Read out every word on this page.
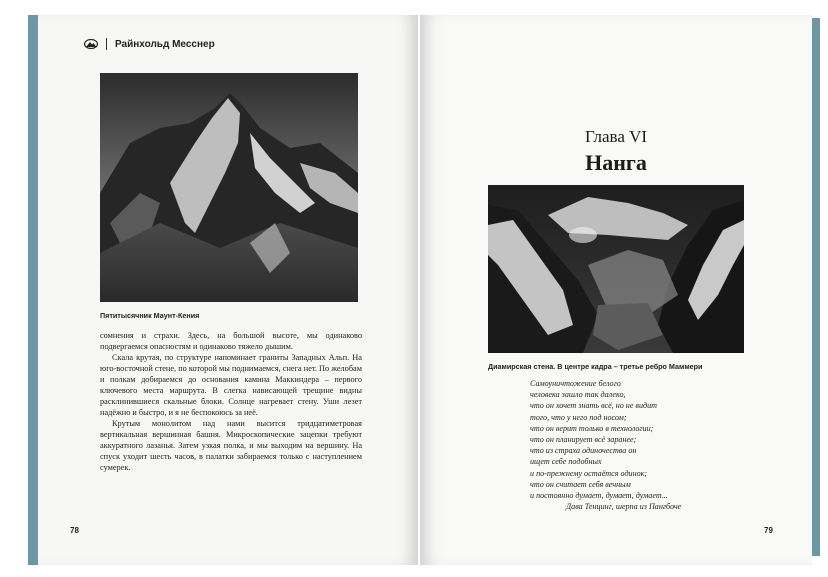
Райнхольд Месснер
Пятитысячник Маунт-Кения

сомнения и страхи. Здесь, на большой высоте, мы одинаково подвергаемся опасностям и одинаково тяжело дышим.

Скала крутая, по структуре напоминает граниты Западных Альп. На юго-восточной стене, по которой мы поднимаемся, снега нет. По желобам и полкам добираемся до основания камина Маккиндера – первого ключевого места маршрута. В слегка нависающей трещине видны расклинившиеся скальные блоки. Солнце нагревает стену. Уши лезет надёжно и быстро, и я не беспокоюсь за неё.

Крутым монолитом над нами высится тридцатиметровая вертикальная вершинная башня. Микроскопические зацепки требуют аккуратного лазанья. Затем узкая полка, и мы выходим на вершину. На спуск уходит шесть часов, в палатки забираемся только с наступлением сумерек.

78
Глава VI
Нанга
Диамирская стена. В центре кадра – третье ребро Маммери
Самоуничтожение белого
человека зашло так далеко,
что он хочет знать всё, но не видит
того, что у него под носом;
что он верит только в технологии;
что он планирует всё заранее;
что из страха одиночества он
ищет себе подобных
и по-прежнему остаётся одинок;
что он считает себя вечным
и постоянно думает, думает, думает...
Дава Тенцинг, шерпа из Пангбоче
79
